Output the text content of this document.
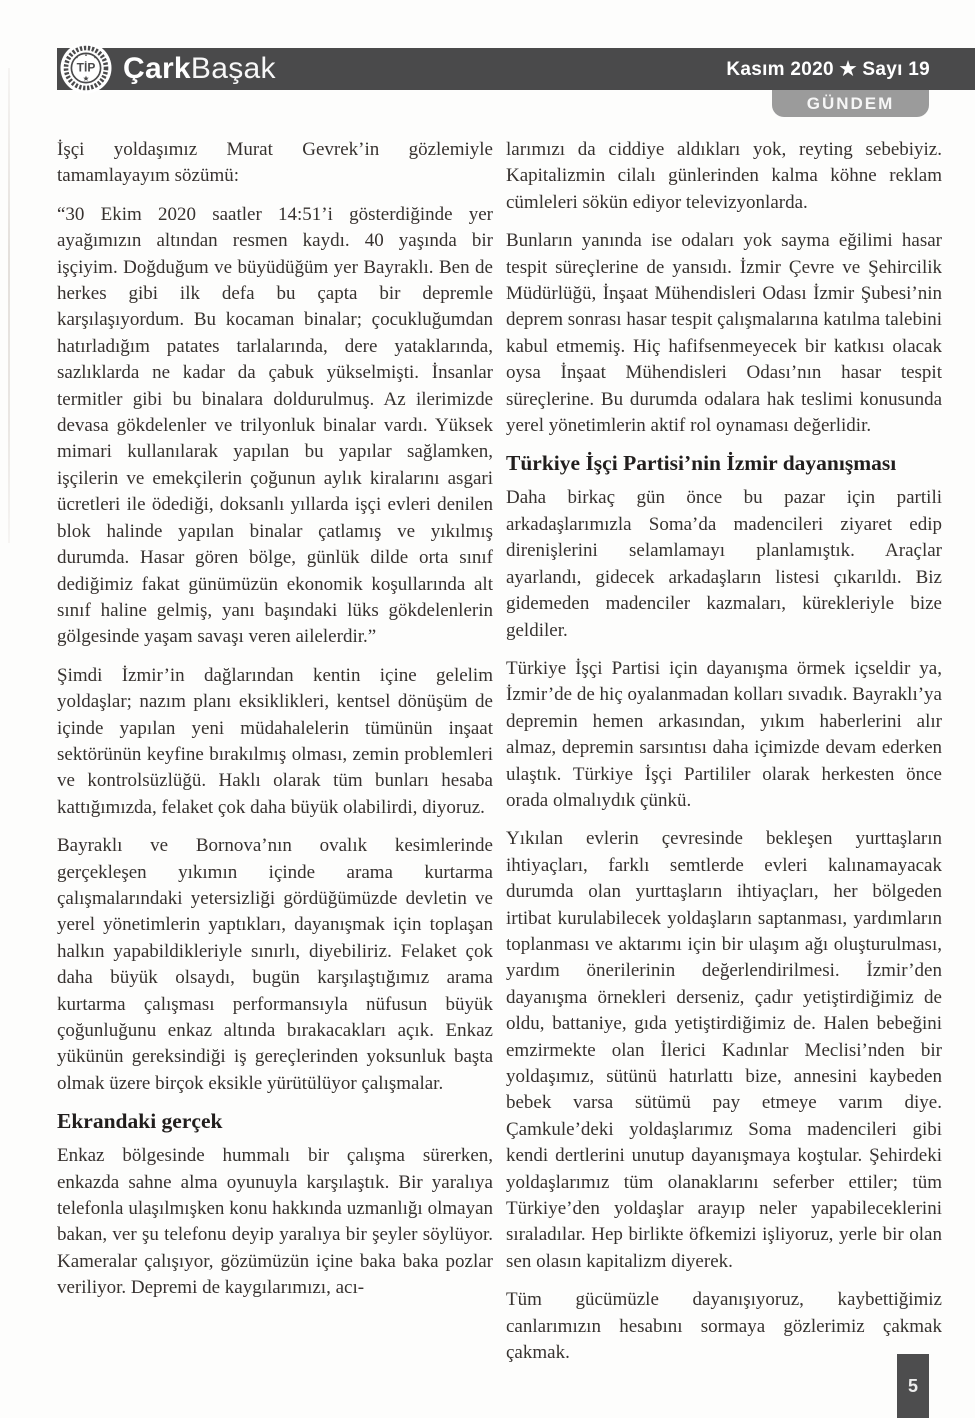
ÇarkBaşak	Kasım 2020 ★ Sayı 19
TİP
GÜNDEM

İşçi yoldaşımız Murat Gevrek’in gözlemiyle tamamlayayım sözümü:

“30 Ekim 2020 saatler 14:51’i gösterdiğinde yer ayağımızın altından resmen kaydı. 40 yaşında bir işçiyim. Doğduğum ve büyüdüğüm yer Bayraklı. Ben de herkes gibi ilk defa bu çapta bir depremle karşılaşıyordum. Bu kocaman binalar; çocukluğumdan hatırladığım patates tarlalarında, dere yataklarında, sazlıklarda ne kadar da çabuk yükselmişti. İnsanlar termitler gibi bu binalara doldurulmuş. Az ilerimizde devasa gökdelenler ve trilyonluk binalar vardı. Yüksek mimari kullanılarak yapılan bu yapılar sağlamken, işçilerin ve emekçilerin çoğunun aylık kiralarını asgari ücretleri ile ödediği, doksanlı yıllarda işçi evleri denilen blok halinde yapılan binalar çatlamış ve yıkılmış durumda. Hasar gören bölge, günlük dilde orta sınıf dediğimiz fakat günümüzün ekonomik koşullarında alt sınıf haline gelmiş, yanı başındaki lüks gökdelenlerin gölgesinde yaşam savaşı veren ailelerdir.”

Şimdi İzmir’in dağlarından kentin içine gelelim yoldaşlar; nazım planı eksiklikleri, kentsel dönüşüm de içinde yapılan yeni müdahalelerin tümünün inşaat sektörünün keyfine bırakılmış olması, zemin problemleri ve kontrolsüzlüğü. Haklı olarak tüm bunları hesaba kattığımızda, felaket çok daha büyük olabilirdi, diyoruz.

Bayraklı ve Bornova’nın ovalık kesimlerinde gerçekleşen yıkımın içinde arama kurtarma çalışmalarındaki yetersizliği gördüğümüzde devletin ve yerel yönetimlerin yaptıkları, dayanışmak için toplaşan halkın yapabildikleriyle sınırlı, diyebiliriz. Felaket çok daha büyük olsaydı, bugün karşılaştığımız arama kurtarma çalışması performansıyla nüfusun büyük çoğunluğunu enkaz altında bırakacakları açık. Enkaz yükünün gereksindiği iş gereçlerinden yoksunluk başta olmak üzere birçok eksikle yürütülüyor çalışmalar.

Ekrandaki gerçek

Enkaz bölgesinde hummalı bir çalışma sürerken, enkazda sahne alma oyunuyla karşılaştık. Bir yaralıya telefonla ulaşılmışken konu hakkında uzmanlığı olmayan bakan, ver şu telefonu deyip yaralıya bir şeyler söylüyor. Kameralar çalışıyor, gözümüzün içine baka baka pozlar veriliyor. Depremi de kaygılarımızı, acı-

larımızı da ciddiye aldıkları yok, reyting sebebiyiz. Kapitalizmin cilalı günlerinden kalma köhne reklam cümleleri sökün ediyor televizyonlarda.

Bunların yanında ise odaları yok sayma eğilimi hasar tespit süreçlerine de yansıdı. İzmir Çevre ve Şehircilik Müdürlüğü, İnşaat Mühendisleri Odası İzmir Şubesi’nin deprem sonrası hasar tespit çalışmalarına katılma talebini kabul etmemiş. Hiç hafifsenmeyecek bir katkısı olacak oysa İnşaat Mühendisleri Odası’nın hasar tespit süreçlerine. Bu durumda odalara hak teslimi konusunda yerel yönetimlerin aktif rol oynaması değerlidir.

Türkiye İşçi Partisi’nin İzmir dayanışması

Daha birkaç gün önce bu pazar için partili arkadaşlarımızla Soma’da madencileri ziyaret edip direnişlerini selamlamayı planlamıştık. Araçlar ayarlandı, gidecek arkadaşların listesi çıkarıldı. Biz gidemeden madenciler kazmaları, kürekleriyle bize geldiler.

Türkiye İşçi Partisi için dayanışma örmek içseldir ya, İzmir’de de hiç oyalanmadan kolları sıvadık. Bayraklı’ya depremin hemen arkasından, yıkım haberlerini alır almaz, depremin sarsıntısı daha içimizde devam ederken ulaştık. Türkiye İşçi Partililer olarak herkesten önce orada olmalıydık çünkü.

Yıkılan evlerin çevresinde bekleşen yurttaşların ihtiyaçları, farklı semtlerde evleri kalınamayacak durumda olan yurttaşların ihtiyaçları, her bölgeden irtibat kurulabilecek yoldaşların saptanması, yardımların toplanması ve aktarımı için bir ulaşım ağı oluşturulması, yardım önerilerinin değerlendirilmesi. İzmir’den dayanışma örnekleri derseniz, çadır yetiştirdiğimiz de oldu, battaniye, gıda yetiştirdiğimiz de. Halen bebeğini emzirmekte olan İlerici Kadınlar Meclisi’nden bir yoldaşımız, sütünü hatırlattı bize, annesini kaybeden bebek varsa sütümü pay etmeye varım diye. Çamkule’deki yoldaşlarımız Soma madencileri gibi kendi dertlerini unutup dayanışmaya koştular. Şehirdeki yoldaşlarımız tüm olanaklarını seferber ettiler; tüm Türkiye’den yoldaşlar arayıp neler yapabileceklerini sıraladılar. Hep birlikte öfkemizi işliyoruz, yerle bir olan sen olasın kapitalizm diyerek.

Tüm gücümüzle dayanışıyoruz, kaybettiğimiz canlarımızın hesabını sormaya gözlerimiz çakmak çakmak.

5
